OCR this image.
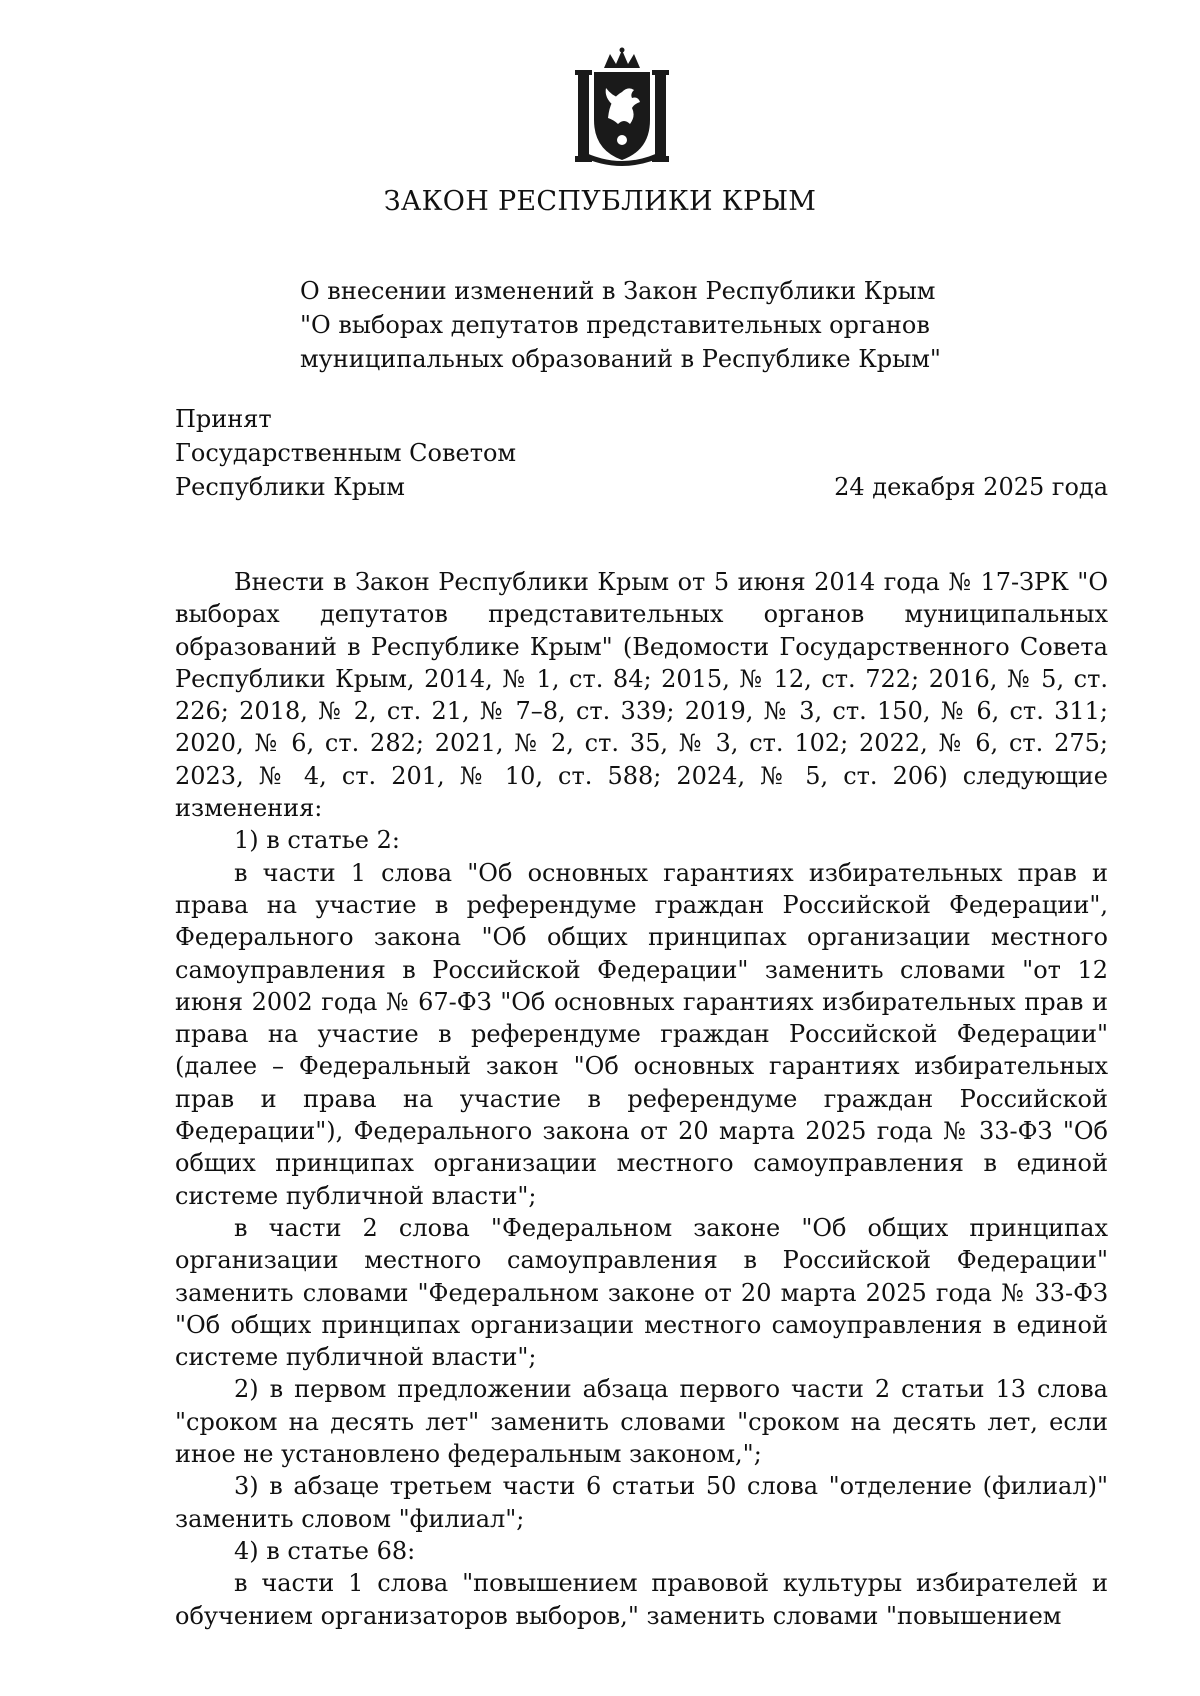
ЗАКОН РЕСПУБЛИКИ КРЫМ
О внесении изменений в Закон Республики Крым
"О выборах депутатов представительных органов
муниципальных образований в Республике Крым"
Принят
Государственным Советом
Республики Крым	24 декабря 2025 года

Внести в Закон Республики Крым от 5 июня 2014 года № 17-ЗРК "О выборах депутатов представительных органов муниципальных образований в Республике Крым" (Ведомости Государственного Совета Республики Крым, 2014, № 1, ст. 84; 2015, № 12, ст. 722; 2016, № 5, ст. 226; 2018, № 2, ст. 21, № 7–8, ст. 339; 2019, № 3, ст. 150, № 6, ст. 311; 2020, № 6, ст. 282; 2021, № 2, ст. 35, № 3, ст. 102; 2022, № 6, ст. 275; 2023, № 4, ст. 201, № 10, ст. 588; 2024, № 5, ст. 206) следующие изменения:

1) в статье 2:

в части 1 слова "Об основных гарантиях избирательных прав и права на участие в референдуме граждан Российской Федерации", Федерального закона "Об общих принципах организации местного самоуправления в Российской Федерации" заменить словами "от 12 июня 2002 года № 67-ФЗ "Об основных гарантиях избирательных прав и права на участие в референдуме граждан Российской Федерации" (далее – Федеральный закон "Об основных гарантиях избирательных прав и права на участие в референдуме граждан Российской Федерации"), Федерального закона от 20 марта 2025 года № 33-ФЗ "Об общих принципах организации местного самоуправления в единой системе публичной власти";

в части 2 слова "Федеральном законе "Об общих принципах организации местного самоуправления в Российской Федерации" заменить словами "Федеральном законе от 20 марта 2025 года № 33-ФЗ "Об общих принципах организации местного самоуправления в единой системе публичной власти";

2) в первом предложении абзаца первого части 2 статьи 13 слова "сроком на десять лет" заменить словами "сроком на десять лет, если иное не установлено федеральным законом,";

3) в абзаце третьем части 6 статьи 50 слова "отделение (филиал)" заменить словом "филиал";

4) в статье 68:

в части 1 слова "повышением правовой культуры избирателей и обучением организаторов выборов," заменить словами "повышением
